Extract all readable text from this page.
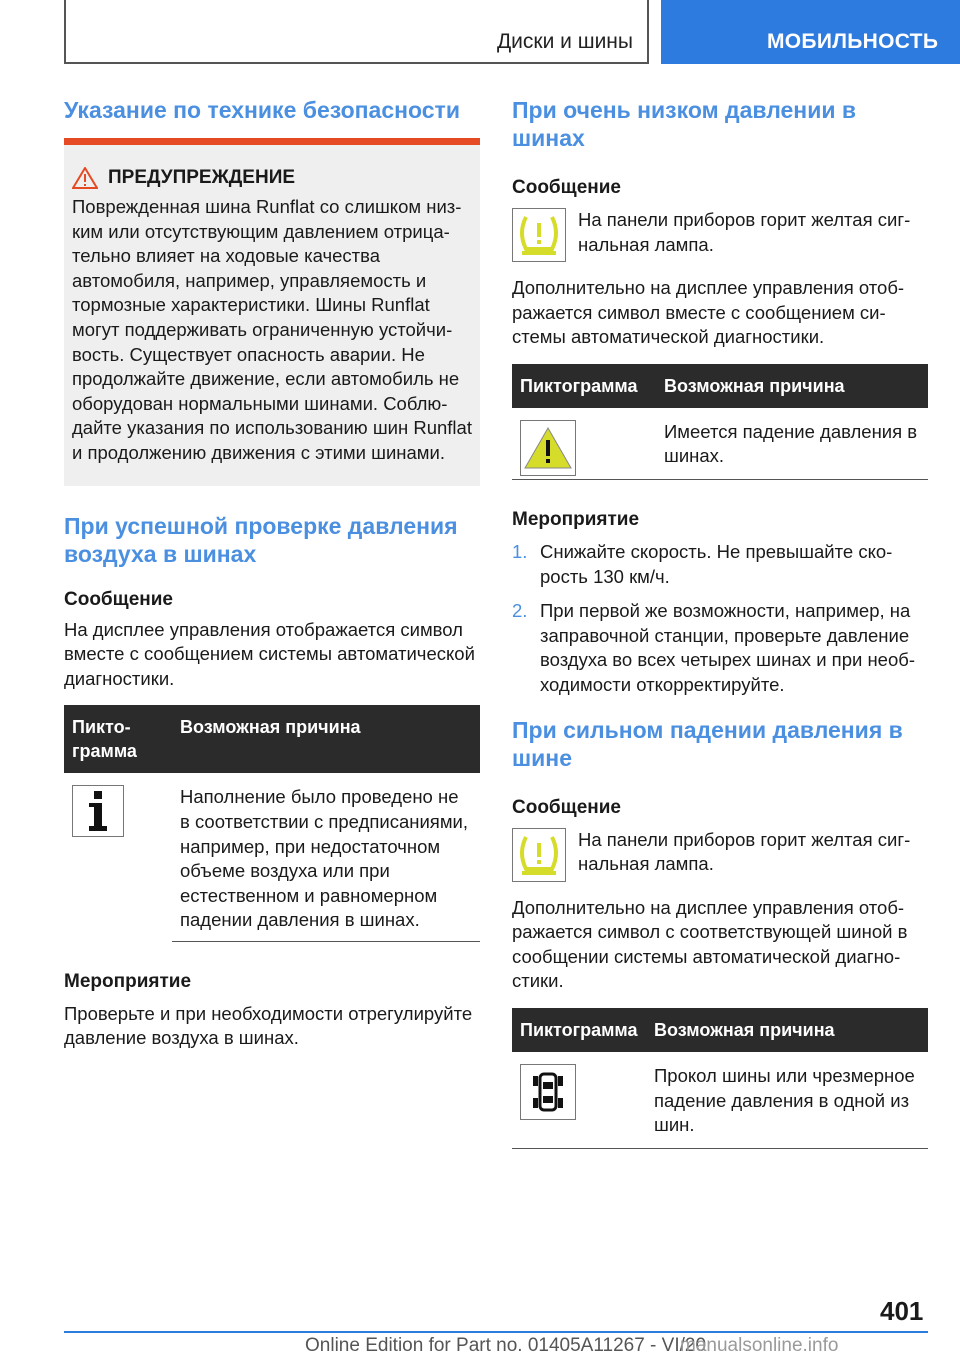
Диски и шины	МОБИЛЬНОСТЬ
Указание по технике безопасности
ПРЕДУПРЕЖДЕНИЕ

Поврежденная шина Runflat со слишком низким или отсутствующим давлением отрицательно влияет на ходовые качества автомобиля, например, управляемость и тормозные характеристики. Шины Runflat могут поддерживать ограниченную устойчивость. Существует опасность аварии. Не продолжайте движение, если автомобиль не оборудован нормальными шинами. Соблюдайте указания по использованию шин Runflat и продолжению движения с этими шинами.

При успешной проверке давления воздуха в шинах
Сообщение

На дисплее управления отображается символ вместе с сообщением системы автоматической диагностики.

Пиктограмма	Возможная причина

	Наполнение было проведено не в соответствии с предписаниями, например, при недостаточном объеме воздуха или при естественном и равномерном падении давления в шинах.

Мероприятие

Проверьте и при необходимости отрегулируйте давление воздуха в шинах.

При очень низком давлении в шинах
Сообщение

На панели приборов горит желтая сигнальная лампа.

Дополнительно на дисплее управления отображается символ вместе с сообщением системы автоматической диагностики.

Пиктограмма	Возможная причина

	Имеется падение давления в шинах.

Мероприятие
1. Снижайте скорость. Не превышайте скорость 130 км/ч.
2. При первой же возможности, например, на заправочной станции, проверьте давление воздуха во всех четырех шинах и при необходимости откорректируйте.
При сильном падении давления в шине
Сообщение

На панели приборов горит желтая сигнальная лампа.

Дополнительно на дисплее управления отображается символ с соответствующей шиной в сообщении системы автоматической диагностики.

Пиктограмма	Возможная причина

	Прокол шины или чрезмерное падение давления в одной из шин.

401
Online Edition for Part no. 01405A11267 - VI/20
manualsonline.info
